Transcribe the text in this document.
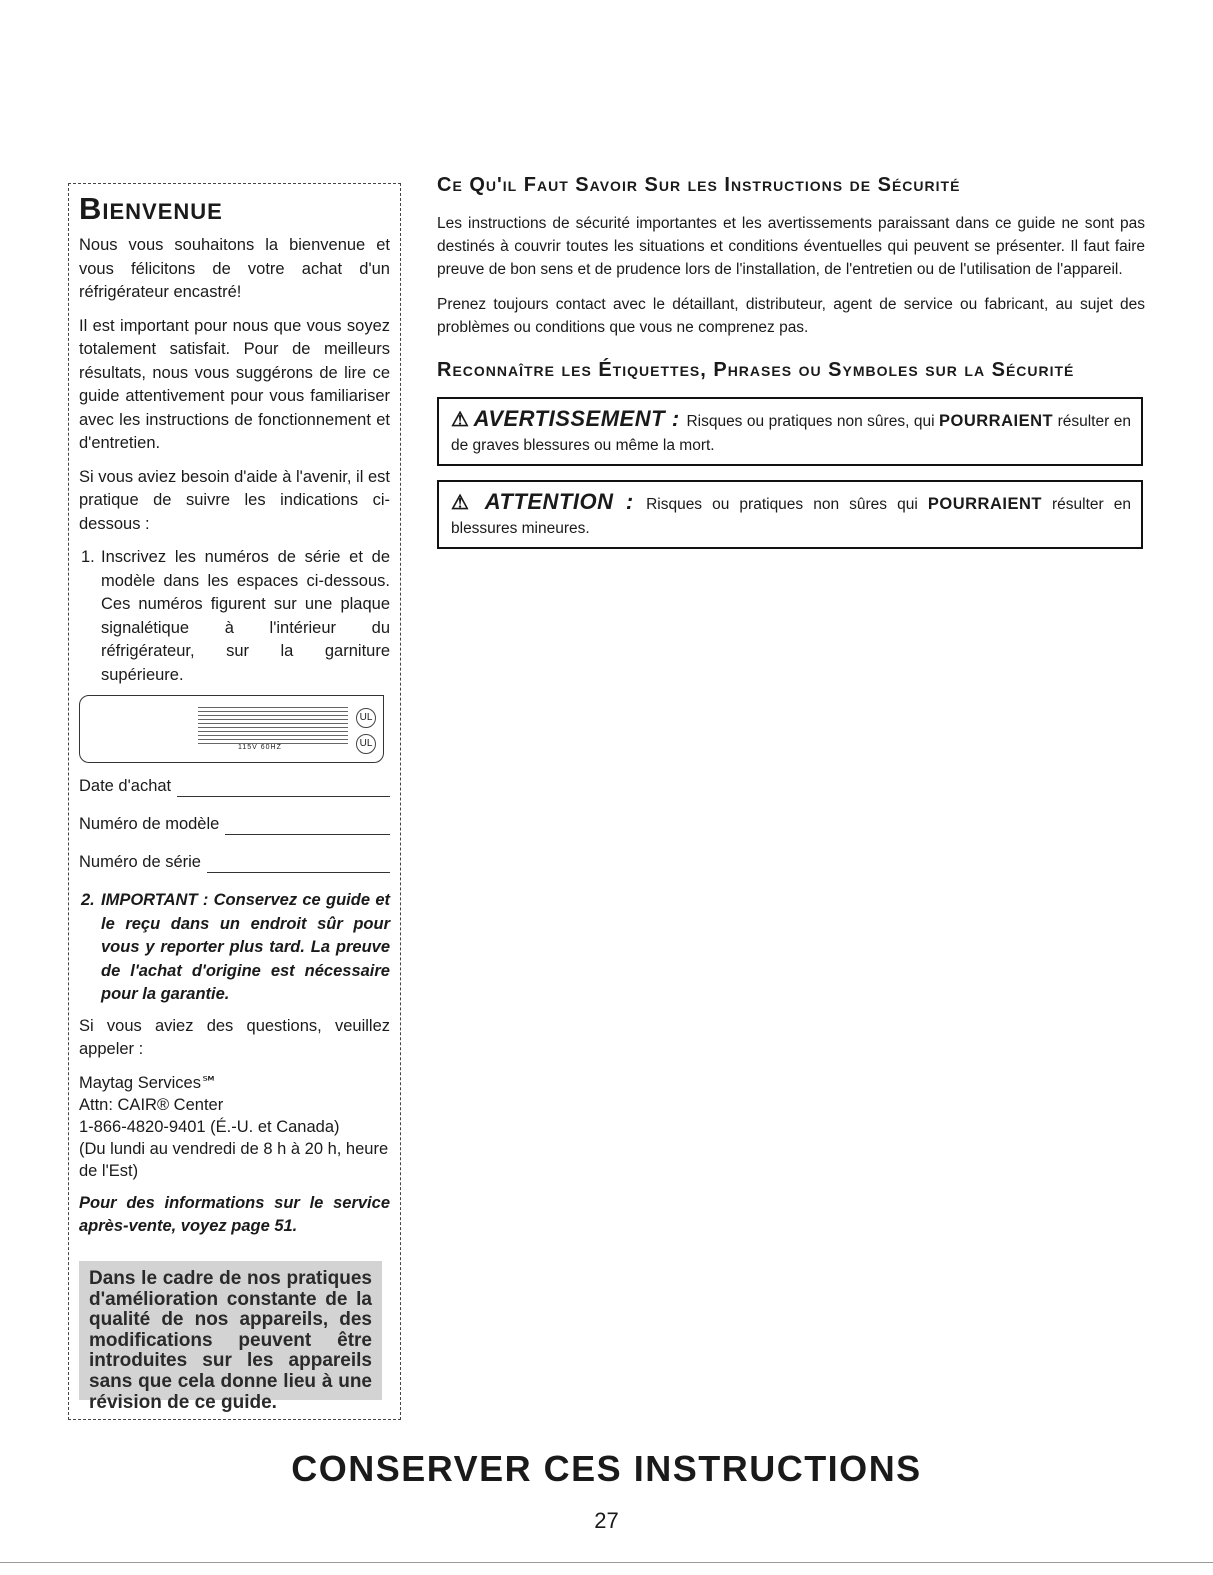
Bienvenue

Nous vous souhaitons la bienvenue et vous félicitons de votre achat d'un réfrigérateur encastré!

Il est important pour nous que vous soyez totalement satisfait. Pour de meilleurs résultats, nous vous suggérons de lire ce guide attentivement pour vous familiariser avec les instructions de fonctionnement et d'entretien.

Si vous aviez besoin d'aide à l'avenir, il est pratique de suivre les indications ci-dessous :

1. Inscrivez les numéros de série et de modèle dans les espaces ci-dessous. Ces numéros figurent sur une plaque signalétique à l'intérieur du réfrigérateur, sur la garniture supérieure.
UL
UL
115V 60HZ
Date d'achat
Numéro de modèle
Numéro de série
2. IMPORTANT : Conservez ce guide et le reçu dans un endroit sûr pour vous y reporter plus tard. La preuve de l'achat d'origine est nécessaire pour la garantie.

Si vous aviez des questions, veuillez appeler :

Maytag Services℠

Attn: CAIR® Center

1-866-4820-9401 (É.-U. et Canada)

(Du lundi au vendredi de 8 h à 20 h, heure de l'Est)

Pour des informations sur le service après-vente, voyez page 51.

Dans le cadre de nos pratiques d'amélioration constante de la qualité de nos appareils, des modifications peuvent être introduites sur les appareils sans que cela donne lieu à une révision de ce guide.
Ce Qu'il Faut Savoir Sur les Instructions de Sécurité

Les instructions de sécurité importantes et les avertissements paraissant dans ce guide ne sont pas destinés à couvrir toutes les situations et conditions éventuelles qui peuvent se présenter. Il faut faire preuve de bon sens et de prudence lors de l'installation, de l'entretien ou de l'utilisation de l'appareil.

Prenez toujours contact avec le détaillant, distributeur, agent de service ou fabricant, au sujet des problèmes ou conditions que vous ne comprenez pas.

Reconnaître les Étiquettes, Phrases ou Symboles sur la Sécurité
⚠ AVERTISSEMENT : Risques ou pratiques non sûres, qui POURRAIENT résulter en de graves blessures ou même la mort.
⚠ ATTENTION : Risques ou pratiques non sûres qui POURRAIENT résulter en blessures mineures.
CONSERVER CES INSTRUCTIONS
27
